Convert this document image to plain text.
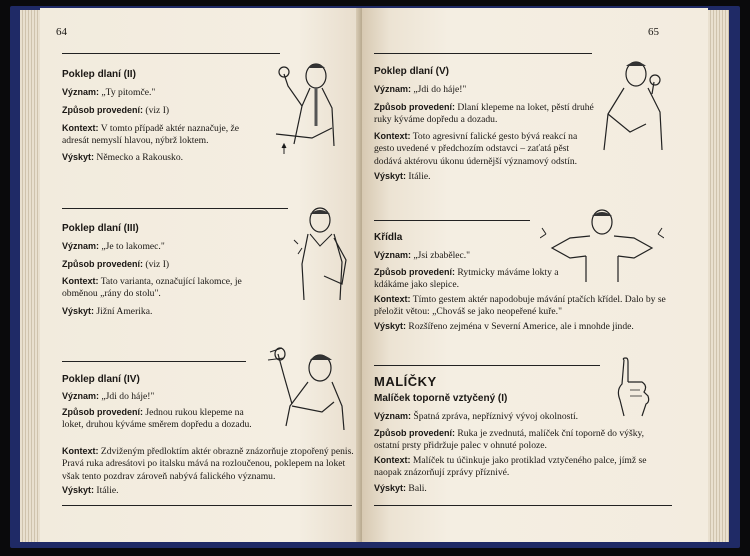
64
Poklep dlaní (II)
Význam: „Ty pitomče."
Způsob provedení: (viz I)
Kontext: V tomto případě aktér naznačuje, že adresát nemyslí hlavou, nýbrž loktem.
Výskyt: Německo a Rakousko.
Poklep dlaní (III)
Význam: „Je to lakomec."
Způsob provedení: (viz I)
Kontext: Tato varianta, označující lakomce, je obměnou „rány do stolu".
Výskyt: Jižní Amerika.
Poklep dlaní (IV)
Význam: „Jdi do háje!"
Způsob provedení: Jednou rukou klepeme na loket, druhou kýváme směrem dopředu a dozadu.
Kontext: Zdviženým předloktím aktér obrazně znázorňuje ztopořený penis. Pravá ruka adresátovi po italsku mává na rozloučenou, poklepem na loket však tento pozdrav zároveň nabývá falického významu.
Výskyt: Itálie.
65
Poklep dlaní (V)
Význam: „Jdi do háje!"
Způsob provedení: Dlaní klepeme na loket, pěstí druhé ruky kýváme dopředu a dozadu.
Kontext: Toto agresivní falické gesto bývá reakcí na gesto uvedené v předchozím odstavci – zaťatá pěst dodává aktérovu úkonu údernější významový odstín.
Výskyt: Itálie.
Křídla
Význam: „Jsi zbabělec."
Způsob provedení: Rytmicky máváme lokty a kdákáme jako slepice.
Kontext: Tímto gestem aktér napodobuje mávání ptačích křídel. Dalo by se přeložit větou: „Chováš se jako neopeřené kuře."
Výskyt: Rozšířeno zejména v Severní Americe, ale i mnohde jinde.
MALÍČKY
Malíček toporně vztyčený (I)
Význam: Špatná zpráva, nepříznivý vývoj okolností.
Způsob provedení: Ruka je zvednutá, malíček ční toporně do výšky, ostatní prsty přidržuje palec v ohnuté poloze.
Kontext: Malíček tu účinkuje jako protiklad vztyčeného palce, jímž se naopak znázorňují zprávy příznivé.
Výskyt: Bali.
